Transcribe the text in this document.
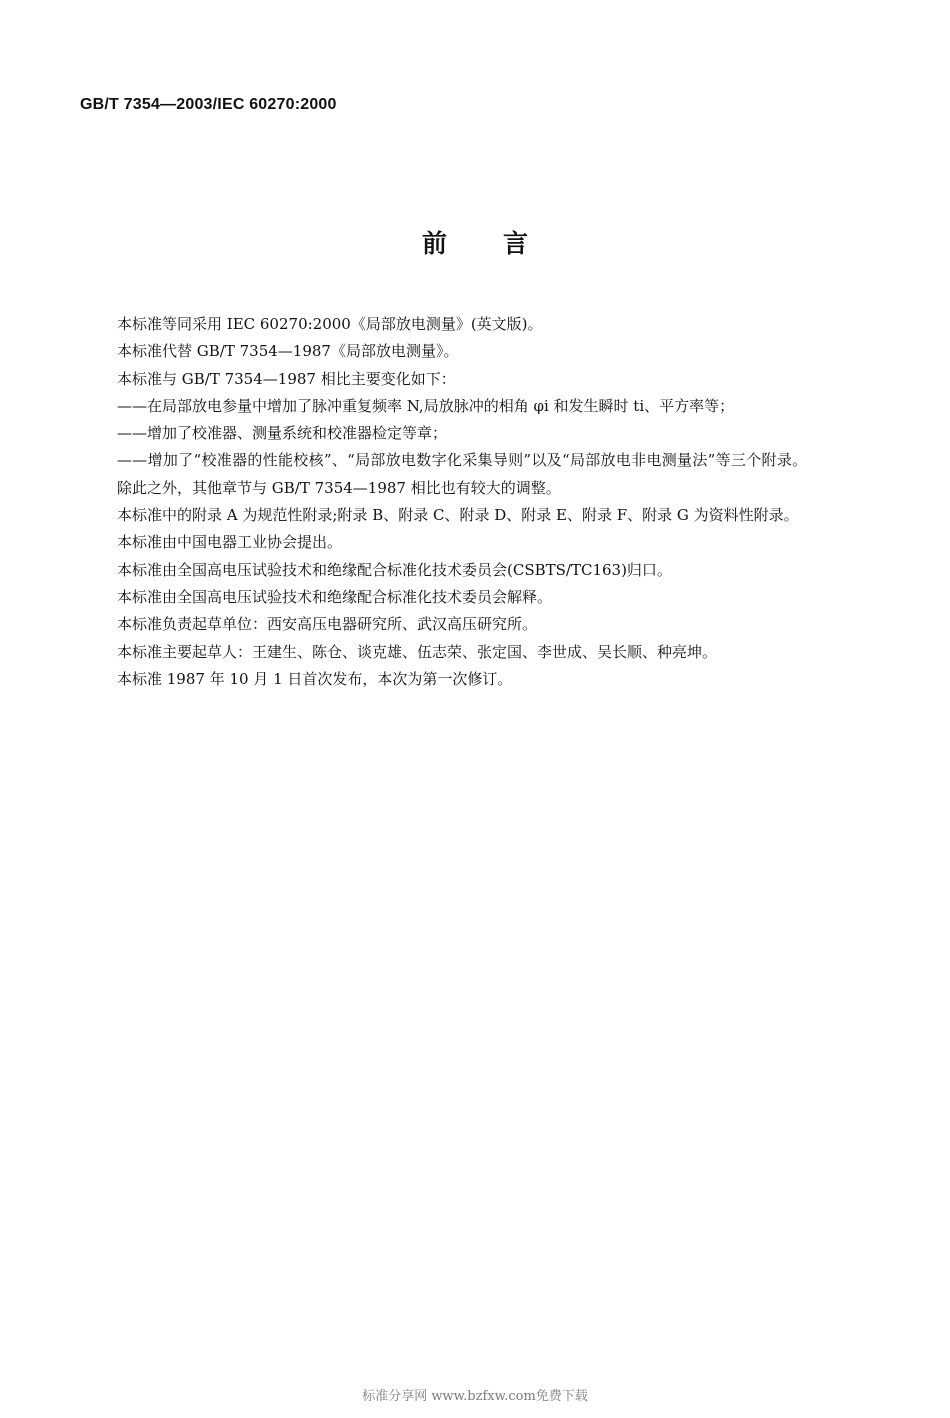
GB/T 7354—2003/IEC 60270:2000
前言

本标准等同采用 IEC 60270:2000《局部放电测量》(英文版)。

本标准代替 GB/T 7354—1987《局部放电测量》。

本标准与 GB/T 7354—1987 相比主要变化如下：

——在局部放电参量中增加了脉冲重复频率 N,局放脉冲的相角 φi 和发生瞬时 ti、平方率等；

——增加了校准器、测量系统和校准器检定等章；

——增加了“校准器的性能校核”、“局部放电数字化采集导则”以及“局部放电非电测量法”等三个附录。

除此之外，其他章节与 GB/T 7354—1987 相比也有较大的调整。

本标准中的附录 A 为规范性附录;附录 B、附录 C、附录 D、附录 E、附录 F、附录 G 为资料性附录。

本标准由中国电器工业协会提出。

本标准由全国高电压试验技术和绝缘配合标准化技术委员会(CSBTS/TC163)归口。

本标准由全国高电压试验技术和绝缘配合标准化技术委员会解释。

本标准负责起草单位：西安高压电器研究所、武汉高压研究所。

本标准主要起草人：王建生、陈仓、谈克雄、伍志荣、张定国、李世成、吴长顺、种亮坤。

本标准 1987 年 10 月 1 日首次发布，本次为第一次修订。

标准分享网 www.bzfxw.com免费下载
